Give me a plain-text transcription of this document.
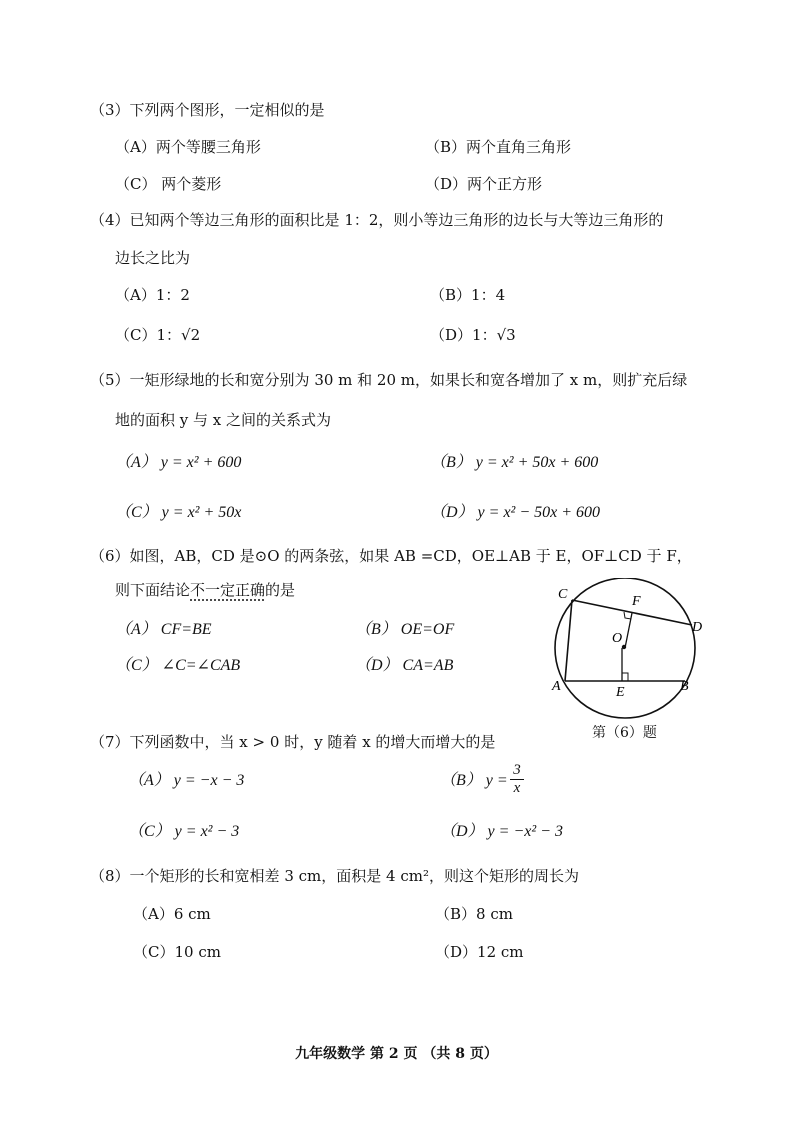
（3）下列两个图形，一定相似的是
（A）两个等腰三角形	（B）两个直角三角形
（C） 两个菱形	（D）两个正方形
（4）已知两个等边三角形的面积比是 1：2，则小等边三角形的边长与大等边三角形的
边长之比为
（A）1：2	（B）1：4
（C）1：√2	（D）1：√3
（5）一矩形绿地的长和宽分别为 30 m 和 20 m，如果长和宽各增加了 x m，则扩充后绿
地的面积 y 与 x 之间的关系式为
（A） y = x² + 600	（B） y = x² + 50x + 600
（C） y = x² + 50x	（D） y = x² − 50x + 600
（6）如图，AB，CD 是⊙O 的两条弦，如果 AB =CD，OE⊥AB 于 E，OF⊥CD 于 F，
则下面结论不一定正确的是
（A） CF=BE	（B） OE=OF
（C） ∠C=∠CAB	（D） CA=AB
C	F
D
O
A	E	B
第（6）题
（7）下列函数中，当 x > 0 时，y 随着 x 的增大而增大的是
（A） y = −x − 3	（B） $y = \frac{3}{x}$
（C） y = x² − 3	（D） y = −x² − 3
（8）一个矩形的长和宽相差 3 cm，面积是 4 cm²，则这个矩形的周长为
（A）6 cm	（B）8 cm
（C）10 cm	（D）12 cm
九年级数学 第 2 页 （共 8 页）
